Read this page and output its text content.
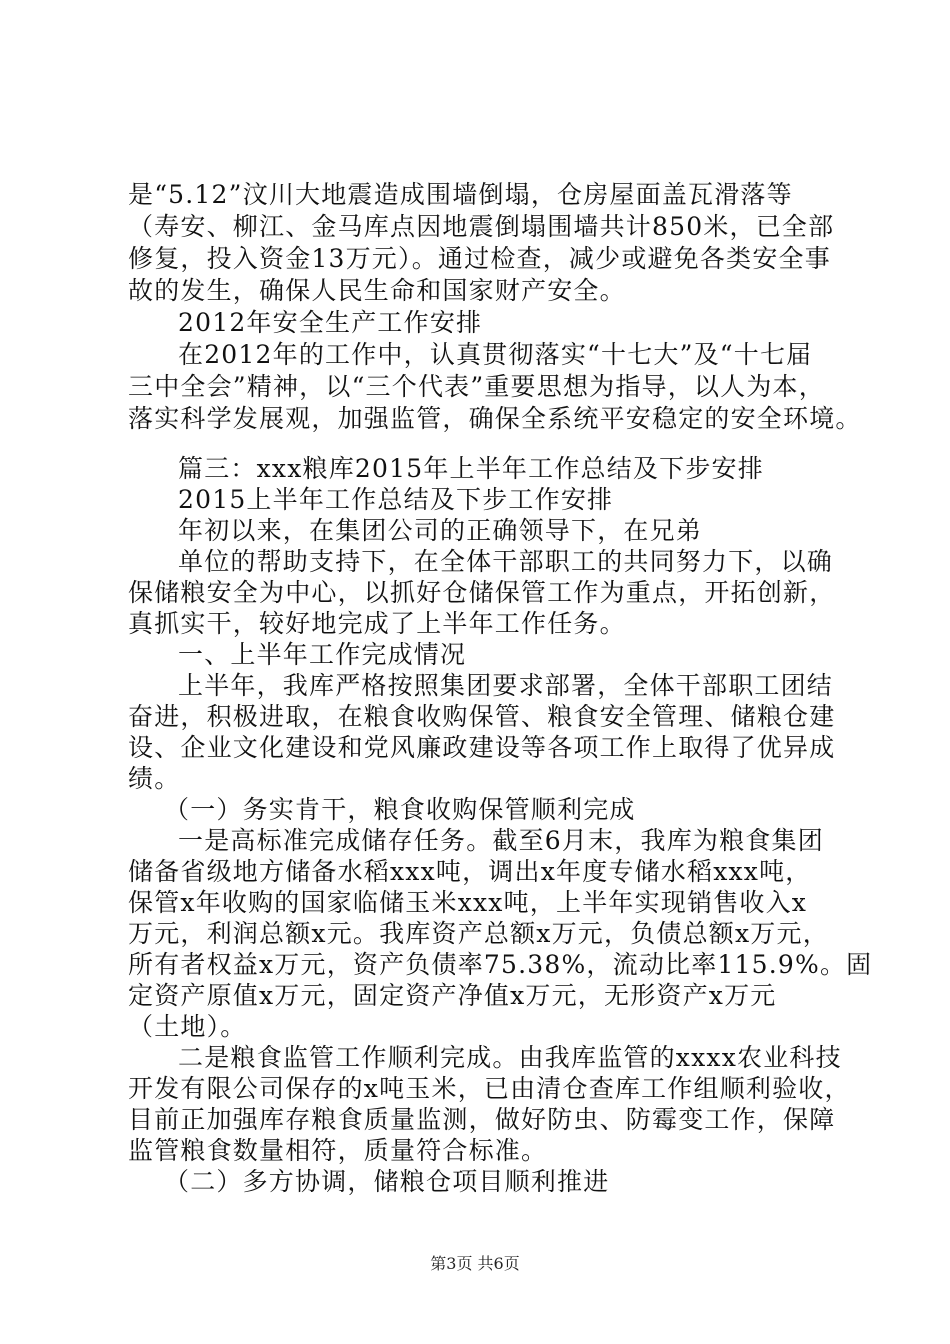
是“5.12”汶川大地震造成围墙倒塌，仓房屋面盖瓦滑落等
（寿安、柳江、金马库点因地震倒塌围墙共计850米，已全部
修复，投入资金13万元）。通过检查，减少或避免各类安全事
故的发生，确保人民生命和国家财产安全。
2012年安全生产工作安排
在2012年的工作中，认真贯彻落实“十七大”及“十七届
三中全会”精神，以“三个代表”重要思想为指导，以人为本，
落实科学发展观，加强监管，确保全系统平安稳定的安全环境。
篇三：xxx粮库2015年上半年工作总结及下步安排
2015上半年工作总结及下步工作安排
年初以来，在集团公司的正确领导下，在兄弟
单位的帮助支持下，在全体干部职工的共同努力下，以确
保储粮安全为中心，以抓好仓储保管工作为重点，开拓创新，
真抓实干，较好地完成了上半年工作任务。
一、上半年工作完成情况
上半年，我库严格按照集团要求部署，全体干部职工团结
奋进，积极进取，在粮食收购保管、粮食安全管理、储粮仓建
设、企业文化建设和党风廉政建设等各项工作上取得了优异成
绩。
（一）务实肯干，粮食收购保管顺利完成
一是高标准完成储存任务。截至6月末，我库为粮食集团
储备省级地方储备水稻xxx吨，调出x年度专储水稻xxx吨，
保管x年收购的国家临储玉米xxx吨，上半年实现销售收入x
万元，利润总额x元。我库资产总额x万元，负债总额x万元，
所有者权益x万元，资产负债率75.38%，流动比率115.9%。固
定资产原值x万元，固定资产净值x万元，无形资产x万元
（土地）。
二是粮食监管工作顺利完成。由我库监管的xxxx农业科技
开发有限公司保存的x吨玉米，已由清仓查库工作组顺利验收，
目前正加强库存粮食质量监测，做好防虫、防霉变工作，保障
监管粮食数量相符，质量符合标准。
（二）多方协调，储粮仓项目顺利推进
第3页 共6页
